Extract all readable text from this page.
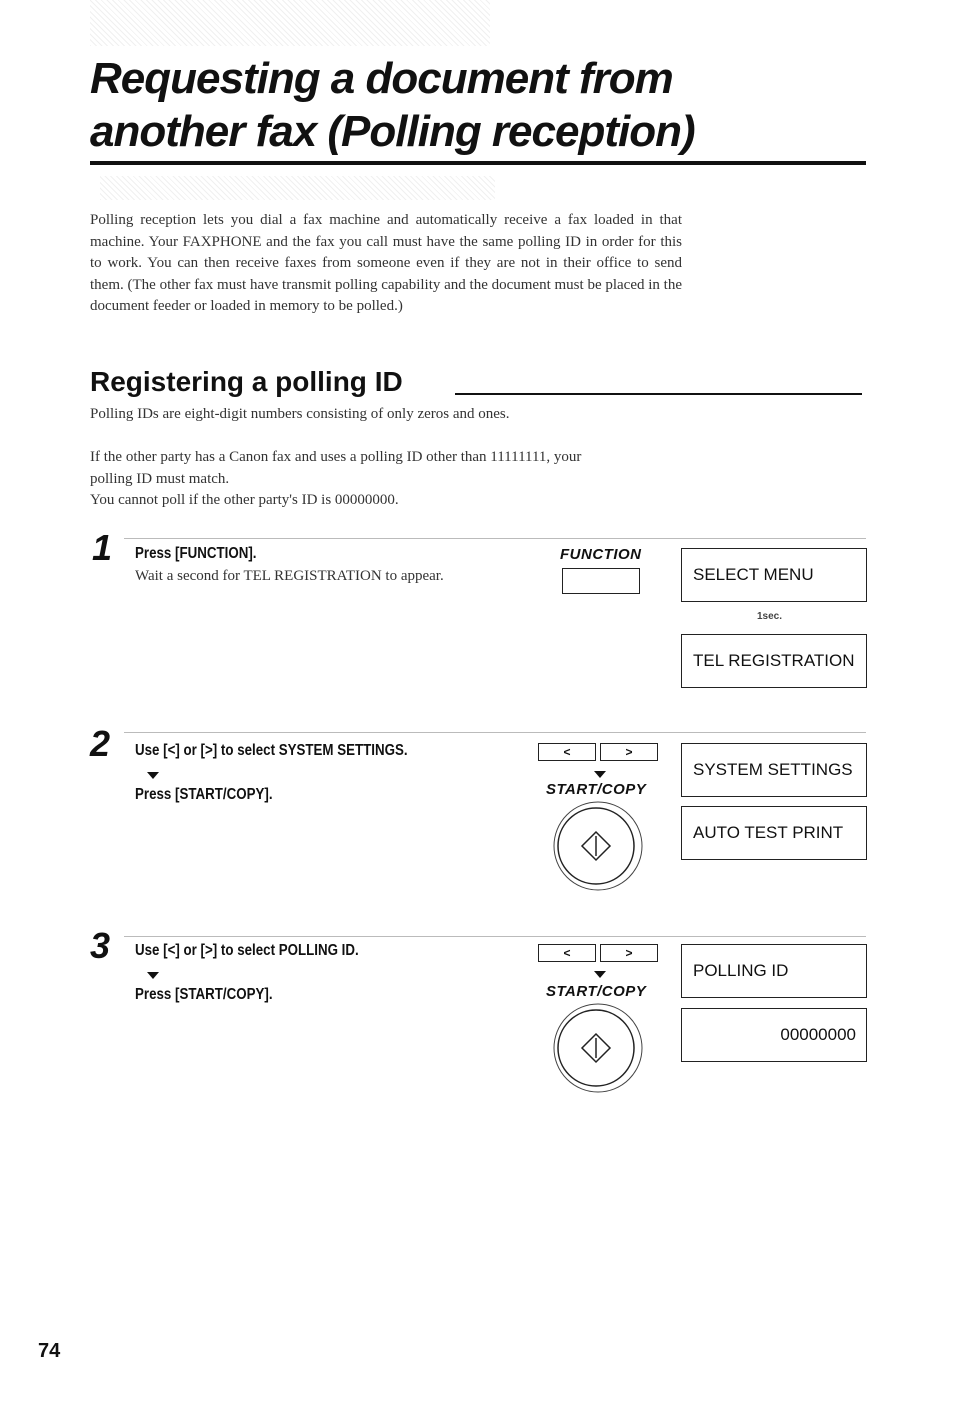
Requesting a document from
another fax (Polling reception)
Polling reception lets you dial a fax machine and automatically receive a fax loaded in that machine. Your FAXPHONE and the fax you call must have the same polling ID in order for this to work. You can then receive faxes from someone even if they are not in their office to send them. (The other fax must have transmit polling capability and the document must be placed in the document feeder or loaded in memory to be polled.)
Registering a polling ID
Polling IDs are eight-digit numbers consisting of only zeros and ones.
If the other party has a Canon fax and uses a polling ID other than 11111111, your
polling ID must match.
You cannot poll if the other party's ID is 00000000.
1 Press [FUNCTION].
Wait a second for TEL REGISTRATION to appear.
FUNCTION
SELECT MENU
1sec.
TEL REGISTRATION
2 Use [<] or [>] to select SYSTEM SETTINGS.
Press [START/COPY].
<	>
START/COPY
SYSTEM SETTINGS
AUTO TEST PRINT
3 Use [<] or [>] to select POLLING ID.
Press [START/COPY].
<	>
START/COPY
POLLING ID
00000000
74
